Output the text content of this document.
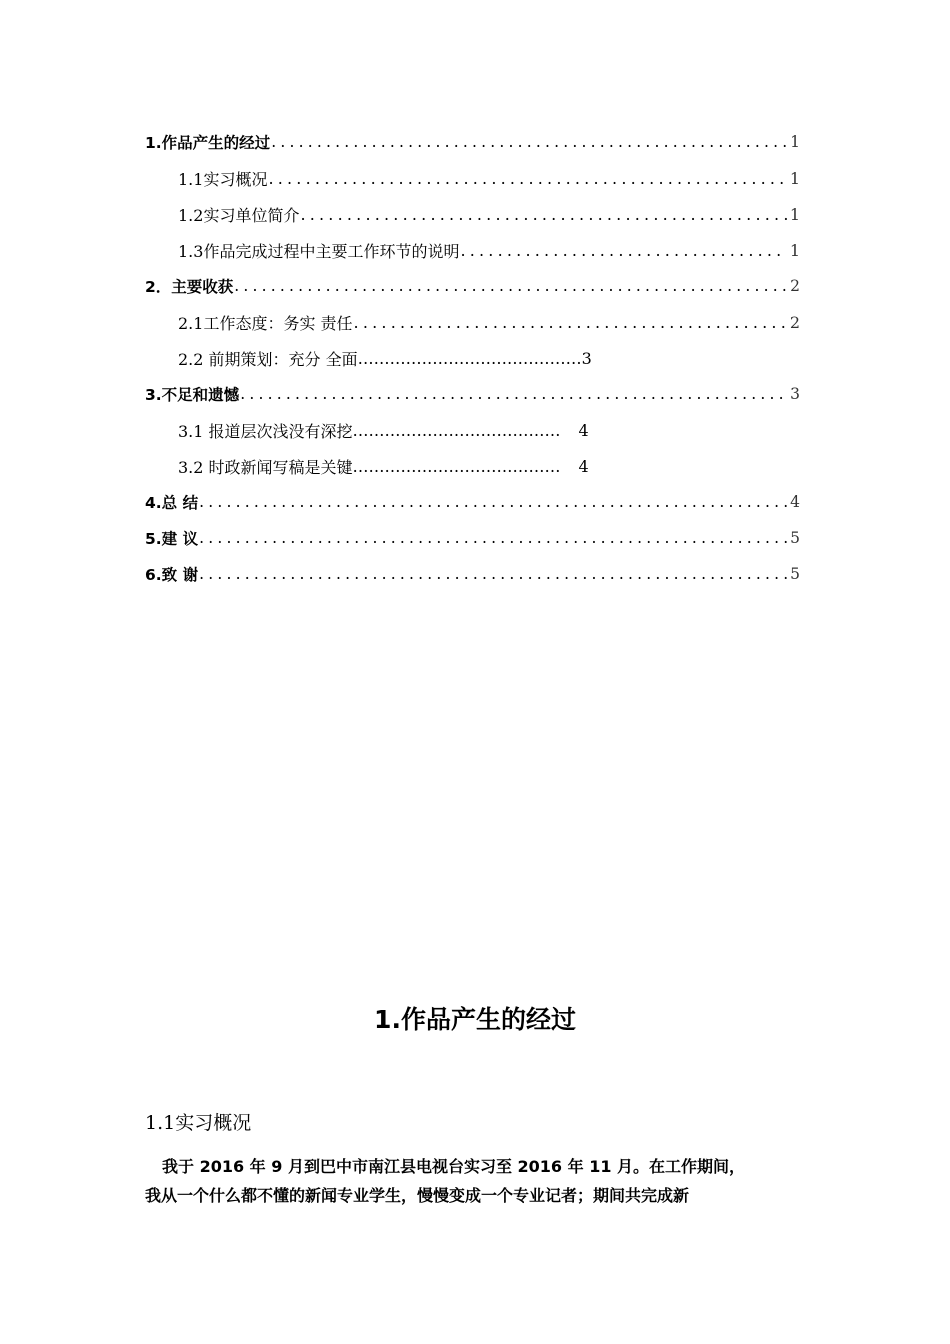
1.作品产生的经过 .....	1
1.1实习概况 .....	1
1.2实习单位简介 .....	1
1.3作品完成过程中主要工作环节的说明 .....	1
2．主要收获 .....	2
2.1工作态度：务实 责任 .....	2
2.2 前期策划：充分 全面 …………………………………… 3
3.不足和遗憾 .....	3
3.1 报道层次浅没有深挖 ………………………………… 4
3.2 时政新闻写稿是关键 ………………………………… 4
4.总 结 .....	4
5.建 议 .....	5
6.致 谢 .....	5
1.作品产生的经过
1.1实习概况

我于 2016 年 9 月到巴中市南江县电视台实习至 2016 年 11 月。在工作期间，

我从一个什么都不懂的新闻专业学生，慢慢变成一个专业记者；期间共完成新
